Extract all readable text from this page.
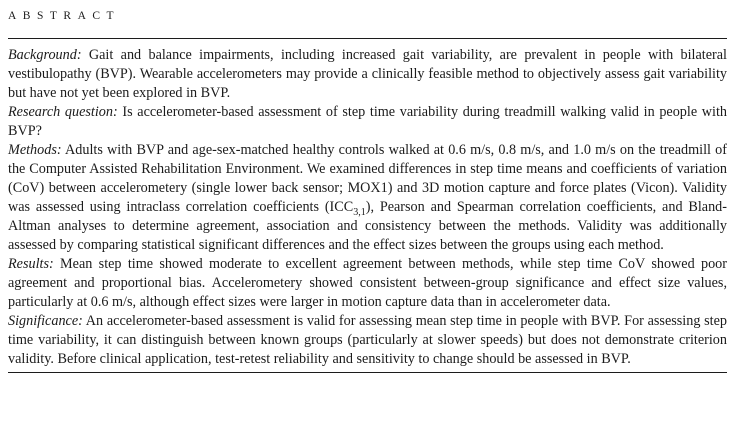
ABSTRACT

Background: Gait and balance impairments, including increased gait variability, are prevalent in people with bilateral vestibulopathy (BVP). Wearable accelerometers may provide a clinically feasible method to objectively assess gait variability but have not yet been explored in BVP.

Research question: Is accelerometer-based assessment of step time variability during treadmill walking valid in people with BVP?

Methods: Adults with BVP and age-sex-matched healthy controls walked at 0.6 m/s, 0.8 m/s, and 1.0 m/s on the treadmill of the Computer Assisted Rehabilitation Environment. We examined differences in step time means and coefficients of variation (CoV) between accelerometery (single lower back sensor; MOX1) and 3D motion capture and force plates (Vicon). Validity was assessed using intraclass correlation coefficients $(ICC_{3,1})$, Pearson and Spearman correlation coefficients, and Bland-Altman analyses to determine agreement, association and consistency between the methods. Validity was additionally assessed by comparing statistical significant differences and the effect sizes between the groups using each method.

Results: Mean step time showed moderate to excellent agreement between methods, while step time CoV showed poor agreement and proportional bias. Accelerometery showed consistent between-group significance and effect size values, particularly at 0.6 m/s, although effect sizes were larger in motion capture data than in accelerometer data.

Significance: An accelerometer-based assessment is valid for assessing mean step time in people with BVP. For assessing step time variability, it can distinguish between known groups (particularly at slower speeds) but does not demonstrate criterion validity. Before clinical application, test-retest reliability and sensitivity to change should be assessed in BVP.
